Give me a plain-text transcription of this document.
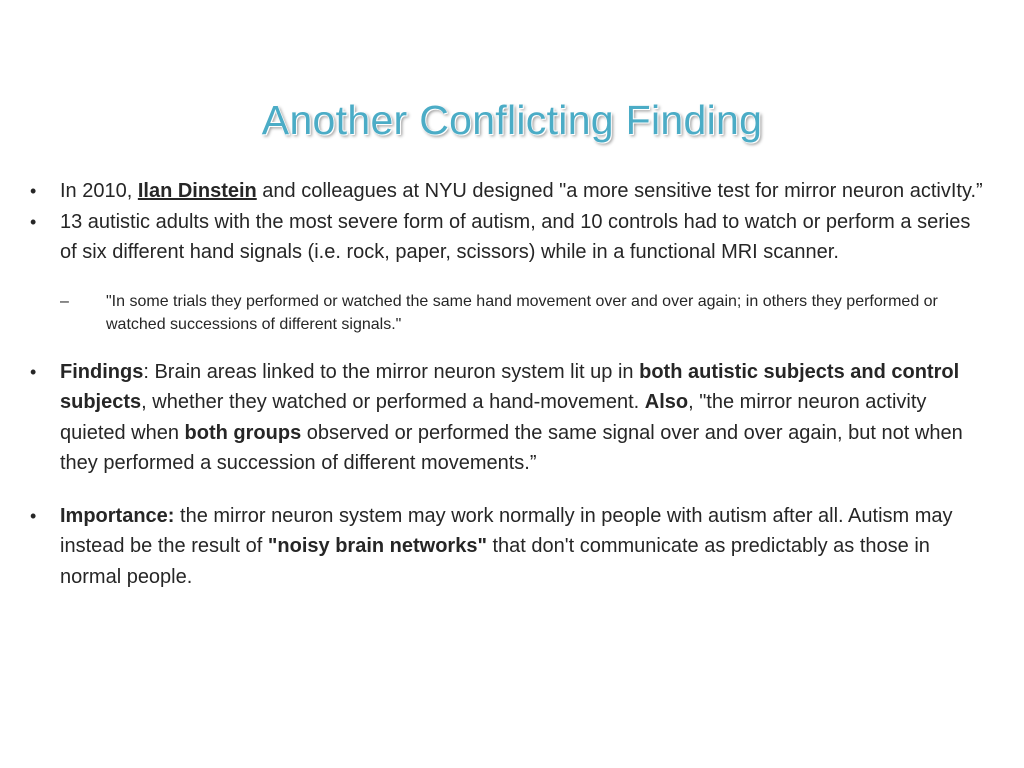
Another Conflicting Finding
•	In 2010, Ilan Dinstein and colleagues at NYU designed "a more sensitive test for mirror neuron activIty.”
•	13 autistic adults with the most severe form of autism, and 10 controls had to watch or perform a series of six different hand signals (i.e. rock, paper, scissors) while in a functional MRI scanner.
– "In some trials they performed or watched the same hand movement over and over again; in others they performed or watched successions of different signals."
•	Findings: Brain areas linked to the mirror neuron system lit up in both autistic subjects and control subjects, whether they watched or performed a hand-movement. Also, "the mirror neuron activity quieted when both groups observed or performed the same signal over and over again, but not when they performed a succession of different movements.”
•	Importance: the mirror neuron system may work normally in people with autism after all. Autism may instead be the result of "noisy brain networks" that don't communicate as predictably as those in normal people.
